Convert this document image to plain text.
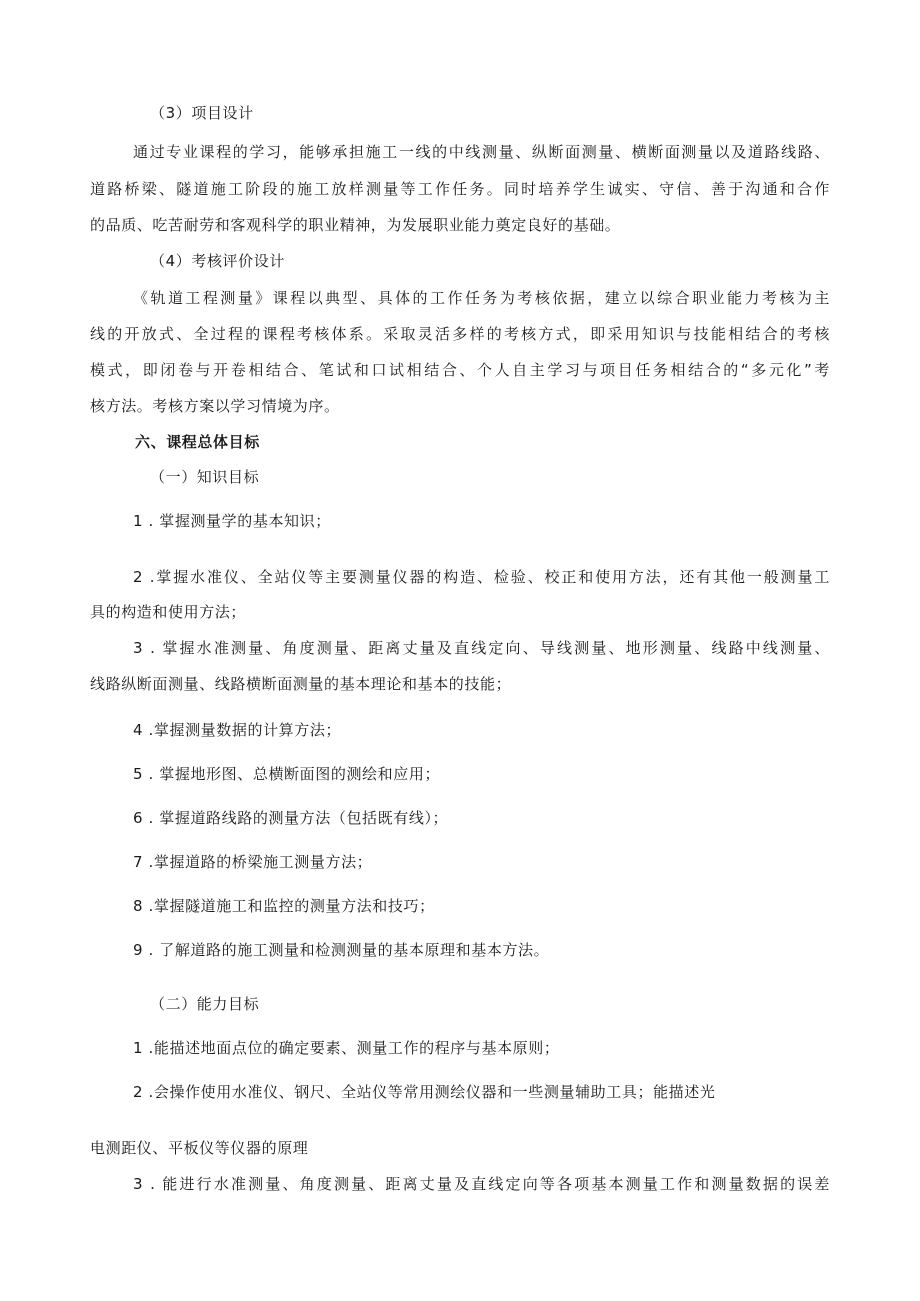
（3）项目设计
通过专业课程的学习，能够承担施工一线的中线测量、纵断面测量、横断面测量以及道路线路、
道路桥梁、隧道施工阶段的施工放样测量等工作任务。同时培养学生诚实、守信、善于沟通和合作
的品质、吃苦耐劳和客观科学的职业精神，为发展职业能力奠定良好的基础。
（4）考核评价设计
《轨道工程测量》课程以典型、具体的工作任务为考核依据，建立以综合职业能力考核为主
线的开放式、全过程的课程考核体系。采取灵活多样的考核方式，即采用知识与技能相结合的考核
模式，即闭卷与开卷相结合、笔试和口试相结合、个人自主学习与项目任务相结合的“多元化”考
核方法。考核方案以学习情境为序。
六、课程总体目标
（一）知识目标
1 . 掌握测量学的基本知识；
2 .掌握水准仪、全站仪等主要测量仪器的构造、检验、校正和使用方法，还有其他一般测量工
具的构造和使用方法；
3 . 掌握水准测量、角度测量、距离丈量及直线定向、导线测量、地形测量、线路中线测量、
线路纵断面测量、线路横断面测量的基本理论和基本的技能；
4 .掌握测量数据的计算方法；
5 . 掌握地形图、总横断面图的测绘和应用；
6 . 掌握道路线路的测量方法（包括既有线）；
7 .掌握道路的桥梁施工测量方法；
8 .掌握隧道施工和监控的测量方法和技巧；
9 . 了解道路的施工测量和检测测量的基本原理和基本方法。
（二）能力目标
1 .能描述地面点位的确定要素、测量工作的程序与基本原则；
2 .会操作使用水准仪、钢尺、全站仪等常用测绘仪器和一些测量辅助工具；能描述光
电测距仪、平板仪等仪器的原理
3 . 能进行水准测量、角度测量、距离丈量及直线定向等各项基本测量工作和测量数据的误差
